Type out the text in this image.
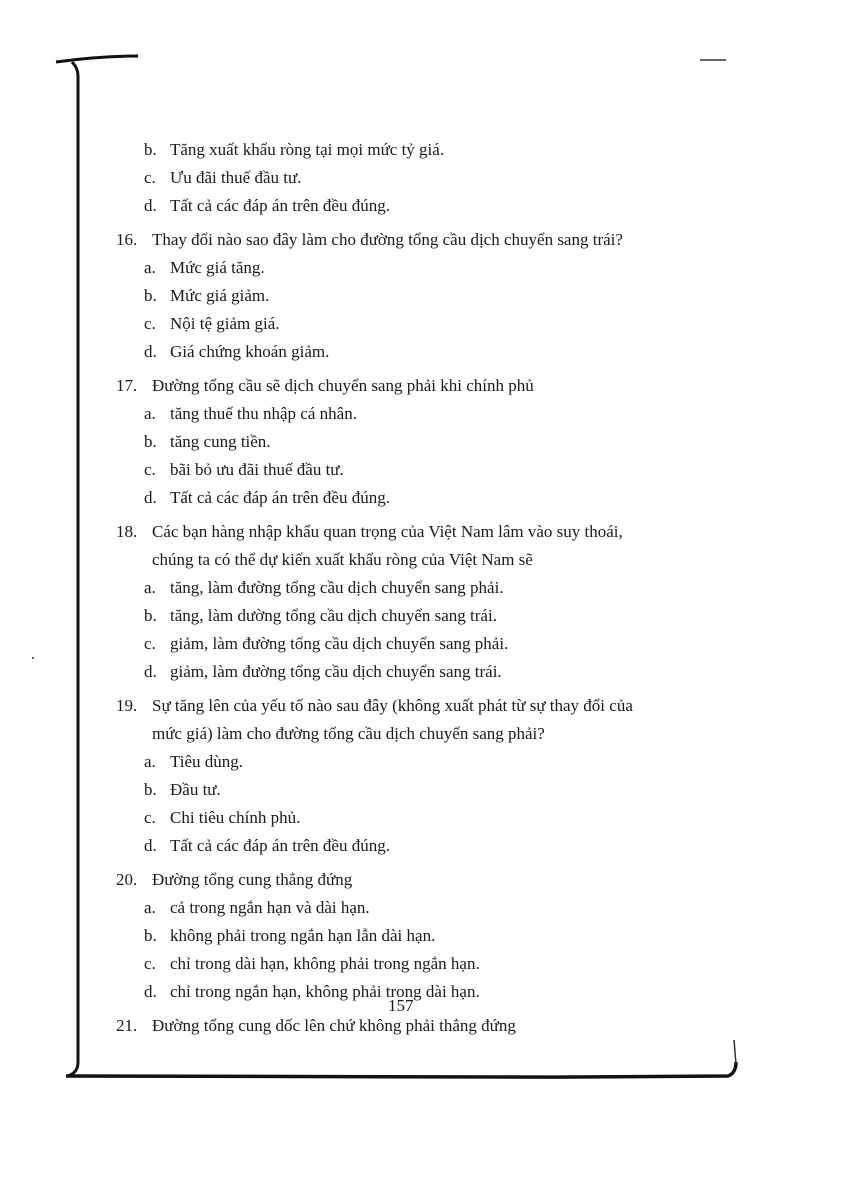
b. Tăng xuất khẩu ròng tại mọi mức tỷ giá.
c. Ưu đãi thuế đầu tư.
d. Tất cả các đáp án trên đều đúng.
16. Thay đổi nào sao đây làm cho đường tổng cầu dịch chuyển sang trái?
a. Mức giá tăng.
b. Mức giá giảm.
c. Nội tệ giảm giá.
d. Giá chứng khoán giảm.
17. Đường tổng cầu sẽ dịch chuyển sang phải khi chính phủ
a. tăng thuế thu nhập cá nhân.
b. tăng cung tiền.
c. bãi bỏ ưu đãi thuế đầu tư.
d. Tất cả các đáp án trên đều đúng.
18. Các bạn hàng nhập khẩu quan trọng của Việt Nam lâm vào suy thoái,
chúng ta có thể dự kiến xuất khẩu ròng của Việt Nam sẽ
a. tăng, làm đường tổng cầu dịch chuyển sang phải.
b. tăng, làm dường tổng cầu dịch chuyển sang trái.
c. giảm, làm đường tổng cầu dịch chuyển sang phải.
d. giảm, làm đường tổng cầu dịch chuyển sang trái.
19. Sự tăng lên của yếu tố nào sau đây (không xuất phát từ sự thay đổi của
mức giá) làm cho đường tổng cầu dịch chuyển sang phải?
a. Tiêu dùng.
b. Đầu tư.
c. Chi tiêu chính phủ.
d. Tất cả các đáp án trên đều đúng.
20. Đường tổng cung thẳng đứng
a. cả trong ngắn hạn và dài hạn.
b. không phải trong ngắn hạn lẫn dài hạn.
c. chỉ trong dài hạn, không phải trong ngắn hạn.
d. chỉ trong ngắn hạn, không phải trong dài hạn.
21. Đường tổng cung dốc lên chứ không phải thẳng đứng
157
